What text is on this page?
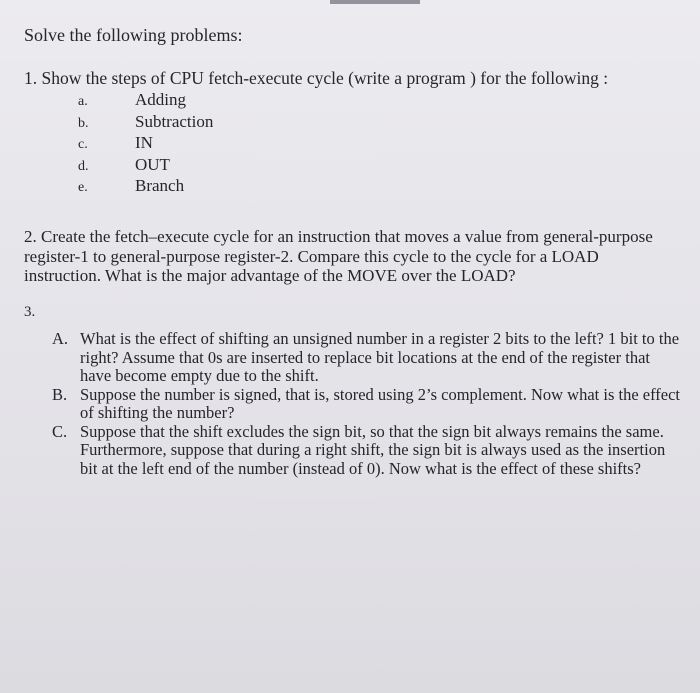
Solve the following problems:
1. Show the steps of CPU fetch-execute cycle (write a program ) for the following :
a.	Adding
b.	Subtraction
c.	IN
d.	OUT
e.	Branch
2. Create the fetch–execute cycle for an instruction that moves a value from general-purpose register-1 to general-purpose register-2. Compare this cycle to the cycle for a LOAD instruction. What is the major advantage of the MOVE over the LOAD?
3.
A. What is the effect of shifting an unsigned number in a register 2 bits to the left? 1 bit to the right? Assume that 0s are inserted to replace bit locations at the end of the register that have become empty due to the shift.
B. Suppose the number is signed, that is, stored using 2’s complement. Now what is the effect of shifting the number?
C. Suppose that the shift excludes the sign bit, so that the sign bit always remains the same. Furthermore, suppose that during a right shift, the sign bit is always used as the insertion bit at the left end of the number (instead of 0). Now what is the effect of these shifts?
